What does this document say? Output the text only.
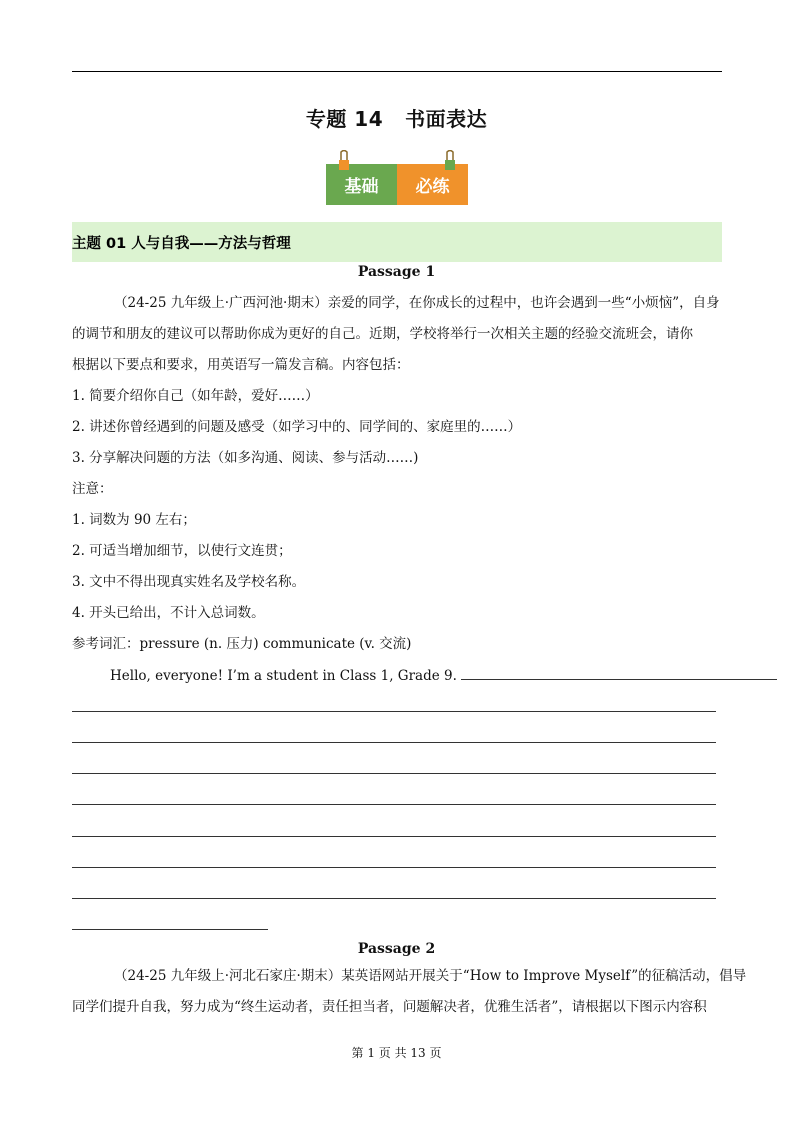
专题 14 书面表达
基础 必练
主题 01 人与自我——方法与哲理
Passage 1
（24-25 九年级上·广西河池·期末）亲爱的同学，在你成长的过程中，也许会遇到一些“小烦恼”，自身
的调节和朋友的建议可以帮助你成为更好的自己。近期，学校将举行一次相关主题的经验交流班会，请你
根据以下要点和要求，用英语写一篇发言稿。内容包括：
1. 简要介绍你自己（如年龄，爱好……）
2. 讲述你曾经遇到的问题及感受（如学习中的、同学间的、家庭里的……）
3. 分享解决问题的方法（如多沟通、阅读、参与活动……)
注意：
1. 词数为 90 左右；
2. 可适当增加细节，以使行文连贯；
3. 文中不得出现真实姓名及学校名称。
4. 开头已给出，不计入总词数。
参考词汇：pressure (n. 压力) communicate (v. 交流)
Hello, everyone! I’m a student in Class 1, Grade 9.
Passage 2
（24-25 九年级上·河北石家庄·期末）某英语网站开展关于“How to Improve Myself”的征稿活动，倡导
同学们提升自我，努力成为“终生运动者，责任担当者，问题解决者，优雅生活者”，请根据以下图示内容积
第 1 页 共 13 页
